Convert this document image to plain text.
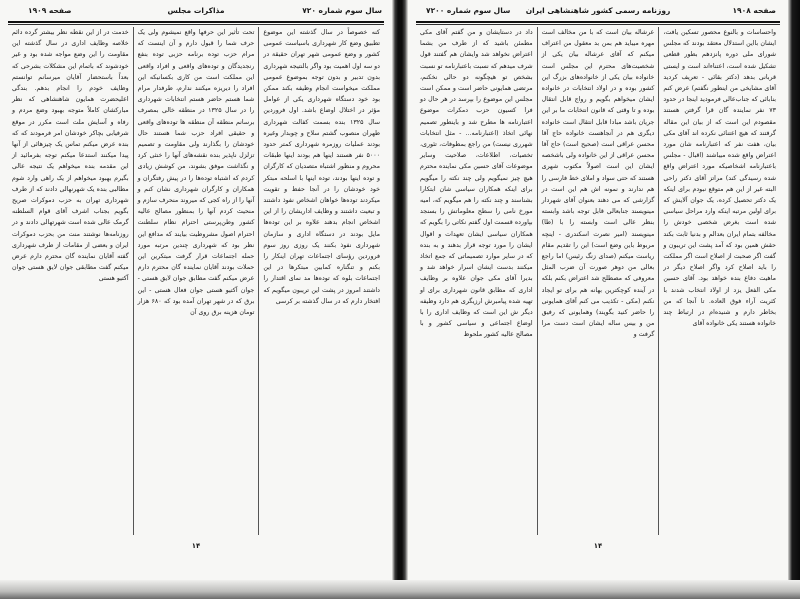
سال سوم شماره ۷۲۰
مذاکرات مجلس
صفحه ۱۹۰۹

کنه خصوصاً در سال گذشته این موضوع تطبیق وضع کار شهرداری باسیاست عمومی کشور و وضع عمومی شهر تهران حقیقة در دو سه اول اهمیت بود واگر بالنتیجه شهرداری بدون تدبیر و بدون توجه بموضوع عمومی مملکت میخواست انجام وظیفه بکند ممکن بود خود دستگاه شهرداری یکی از عوامل مؤثر در اختلال اوضاع باشد. اول فروردین سال ۱۳۲۵ بنده بسمت کفالت شهرداری طهران منصوب گشتم سلاح و چوبدار وغیره بودند عملیات روزمره شهرداری کمتر حدود ۵۰۰۰ نفر هستند اینها هم بودند اینها طبقات محروم و منظور اشتباه متصدیان که کارگران و توده اینها بودند، توده اینها با اسلحه مبتکر خود خودشان را در آنجا حفظ و تقویت میکردند توده‌ها خواهان اشخاص نفوذ داشتند و تبعیت داشتند و وظایف اداریشان را از این اشخاص انجام بدهند علاوه بر این توده‌ها مایل بودند در دستگاه اداری و سازمان شهرداری نفوذ بکنند یک روزی روز سوم فروردین رؤسای اجتماعات تهران اینکار را بکنم و تنگناره کمابین مبتکرها در این اجتماعات بلوه که توده‌ها مد نمای اقتدار را داشتند امروز در پشت این تریبون میگویم که افتخار دارم که در سال گذشته بر کرسی

تحت تأثیر این حرفها واقع نمیشوم ولی یک حرف شما را قبول دارم و آن اینست که مرام حزب توده برنامه حزبی توده بنفع رنجدیدگان و توده‌های واقعی و افراد واقعی این مملکت است من کاری بکسانیکه این افراد را دیریزه میکنند ندارم، طرفدار مرام شما هستم حاضر هستم انتخابات شهرداری را در سال ۱۳۲۵ در منطقه خالی بمصرف برسانم منطقه آن منطقه ها توده‌های واقعی و حقیقی افراد حزب شما هستند حال خودشان را بگذارند ولی مقاومت و تصمیم تزلزل ناپذیر بنده نقشه‌های آنها را خنثی کرد و نگذاشت موفق بشوند، من کوشش زیادی کردم که اشتباه توده‌ها را در پیش رفتگران و همکاران و کارگران شهرداری نشان کنم و آنها را از راه کجی که میروند منحرف سازم و منحیث کردم آنها را بمنظور مصالح عالیه کشور وطن‌پرستی احترام نظام سلطنت احترام اصول مشروطیت بیایند که مدافع این نظر بود که شهرداری چندین مرتبه مورد حمله اجتماعات قرار گرفت مبتکرین این حملات بودند آقایان نماینده گان محترم دارم عرض میکنم گفت مطابق جوان لایق هستی - جوان آکتیو هستی جوان فعال هستی - این برق که در شهر تهران آمده بود که ۶۸۰ هزار تومان هزینه برق روی آن

خدمت در از این نقطه نظر بیشتر گرده دائم خلاصه وظایف اداری در سال گذشته این مقاومت را این وضع مواجه شده بود و غیر خودشوند که باتمام این مشکلات بشرحی که بعداً باستحضار آقایان میرسانم توانستم وظایف خودم را انجام بدهم. بندگی اعلیحضرت همایون شاهنشاهی که نظر مبارکشان کاملاً متوجه بهبود وضع مردم و رفاه و آسایش ملت است مکرر در موقع شرفیابی بچاکر خودشان امر فرمودند که که بنده عرض میکنم تماس یک چیزهائی از آنها پیدا میکنند استدعا میکنم توجه بفرمائید از این مقدمه بنده میخواهم یک نتیجه عالی بگیرم بهبود میخواهم از یک راهی وارد شوم مطالبی بنده یک شهرنهالی دادند که از طرف شهرداری تهران به حزب دموکرات صریح بگویم بجناب اشرف آقای قوام السلطنه گرمک عالی شده است شهرتهالی دادند و در روزنامه‌ها نوشتند منت من بحزب دموکرات ایران و بعضی از مقامات از طرف شهرداری گفته آقایان نماینده گان محترم دارم عرض میکنم گفت مطابقی جوان لایق هستی جوان آکتیو هستی

۱۴
صفحه ۱۹۰۸
روزنامه رسمی کشور شاهنشاهی ایران
سال سوم شماره ۷۲۰۰

واحساسات و بالنوع محصور تسکین یافت، ایشان بااین استدلال معتقد بودند که مجلس شورای ملی دوره پانزدهم بطور قطعی تشکیل شده است، اعتناءاند است و ایستی قربانی بدهد (دکتر بقائی - تعریف کردید آقای مشایخی من اینطور نگفتم) عرض کنم بنابائی که جناب‌عالی فرمودید اینجا در حدود ۷۳ نفر نماینده گان قرا گرفتن هستند مقصودم این است که از بیان این مقاله گرفتند که هیچ اعتنائی نکرده اند آقای مکی بیان، هفت نفر که اعتبارنامه شان مورد اعتراض واقع شده میباشند (اقبال - مجلس باعتبارنامه اشخاصیکه مورد اعتراض واقع شده رسیدگی کند) مراتز آقای دکتر راحی البته غیر از این هم متوقع نبودم برای اینکه یک دکتر تحصیل کرده، یک جوان آلایش که برای اولین مرتبه اینکه وارد مراحل سیاسی شده است بغرض شخصی خودش را مخالفه بتمام ایران بعدالم و بدنیا ثابت بکند حقش همین بود که آمد پشت این تریبون و گفت اگر صحبت از اصلاح است اگر مملکت را باید اصلاح کرد واگر اصلاح دیگر در ماهیت دفاع بنده خواهد بود. آقای حسین مکی الفعل یزد از اولاد انتخاب شدند با کثریت آراء فوق العاده. تا آنجا که من بخاطر دارم و شنیده‌ام در ارتباط چند خانواده هستند یکی خانواده آقای

عرشاله بیان است که با من مخالف است مهره میباید هم بمن بد معقول من اعتراف میکنم که آقای عرشاله بیان یکی از شخصیت‌های محترم این مجلس است خانواده بیان یکی از خانواده‌های بزرگ این کشور بوده و در اولاد انتخابات در خانواده ایشان میخواهم بگویم و رواج قابل انتقال بوده و تا وقتی که قانون انتخابات ما بر این جریان باشد مبادا قابل انتقال است خانواده دیگری هم در آنجاهست خانواده حاج آقا محسن عراقی است (صحیح است) حاج آقا محسن عراقی از این خانواده ولی باشخصه ایشان این است اصولاً مکتوب شهری هستند که حتی سواد و املای خط فارسی را هم ندارند و نمونه اش هم این است در گزارشی که می دهند بعنوان آقای شهردار مینویسند جنابعالی قابل توجه باشد وابسته بنظر عالی است وابسته را با (طا) مینویسند (امیر نصرت اسکندری - اینچه مربوط باین وضع است) این را تقدیم مقام ریاست میکنم (صدای زنگ رئیس) اما راجع بعالی من دوهر صورت آن ضرب المثل معروفی که مصطلح شد اعتراض بکنم بلکه در آینده کوچکترین بهانه هم برای تو ایجاد نکنم (مکی - تکذیب می کنم آقای همایونی را حاضر کنید بگویند) وهمایونی که رفیق من و بیس ساله ایشان است دست مرا گرفت و

داد در دستایشان و من گفتم آقای مکی مطمئن باشید که از طرف من بشما اعتراض نخواهد شد وایشان هم گفتند قول شرف میدهم که نسبت باعتبارنامه تو نسبت بشخص تو هیچگونه دو حالی نخکنم، مرتضی همایونی حاضر است و ممکن است مجلس این موضوع را بپرسد در هر حال دو فرا کسیون حزب دمکرات موضوع اعتبارنامه ها مطرح شد و باینطور تصمیم نهائی اتخاذ (اعتبارنامه... - مثل انتخابات شهرری نیست) من راجع بمطوفات، تئوری، تخصیات، اطلاعات، صلاحیت وسایر موضوعات آقای حسین مکی نماینده محترم هیچ چیز نمیگویم ولی چند نکته را میگویم برای اینکه همکاران سیاسی شان ابتکارا بشناسند و چند نکته را هم میگویم که، امیه مورخ نامی را سطح معلوماتش را بسنجد بپاورده قسمت اول گفتم نکاتی را بگویم که همکاران سیاسی ایشان تعهدات و اقوال ایشان را مورد توجه قرار بدهند و به بنده که در سایر موارد تصمیماتی که جمع اتخاذ میکنند بدست ایشان اسرار خواهد شد و بدیرا آقای مکی جوان علاوه بر وظایف اداری که مطابق قانون شهرداری برای او تهیه شده پیامبرش ارزیگری هم دارد وظیفه دیگر ش این است که وظایف اداری را با اوضاع اجتماعی و سیاسی کشور و با مصالح عالیه کشور ملحوظ

۱۴
